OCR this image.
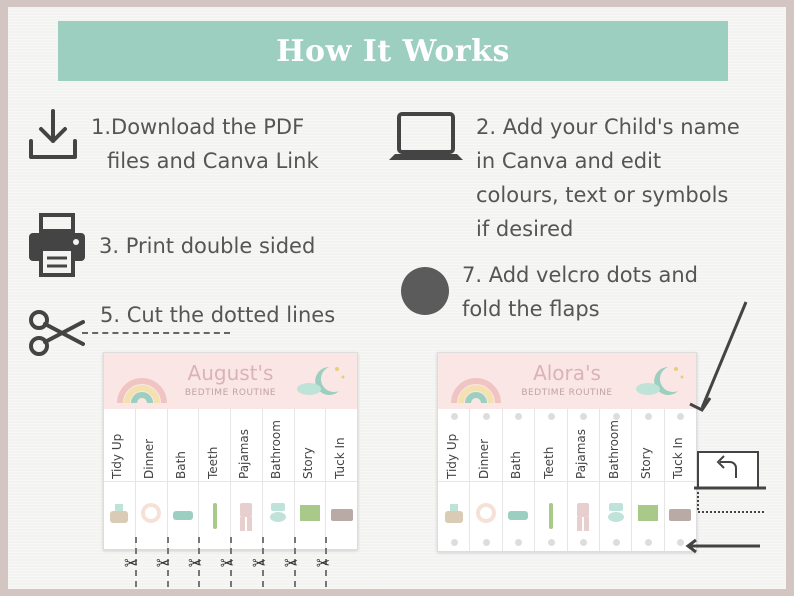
How It Works
1.Download the PDF
files and Canva Link
2. Add your Child's name
in Canva and edit
colours, text or symbols
if desired
3. Print double sided
5. Cut the dotted lines
7. Add velcro dots and
fold the flaps
August's
BEDTIME ROUTINE
Tidy Up	Dinner	Bath	Teeth	Pajamas	Bathroom	Story	Tuck In
✂ ✂ ✂ ✂ ✂ ✂ ✂
Alora's
BEDTIME ROUTINE
Tidy Up	Dinner	Bath	Teeth	Pajamas	Bathroom	Story	Tuck In
